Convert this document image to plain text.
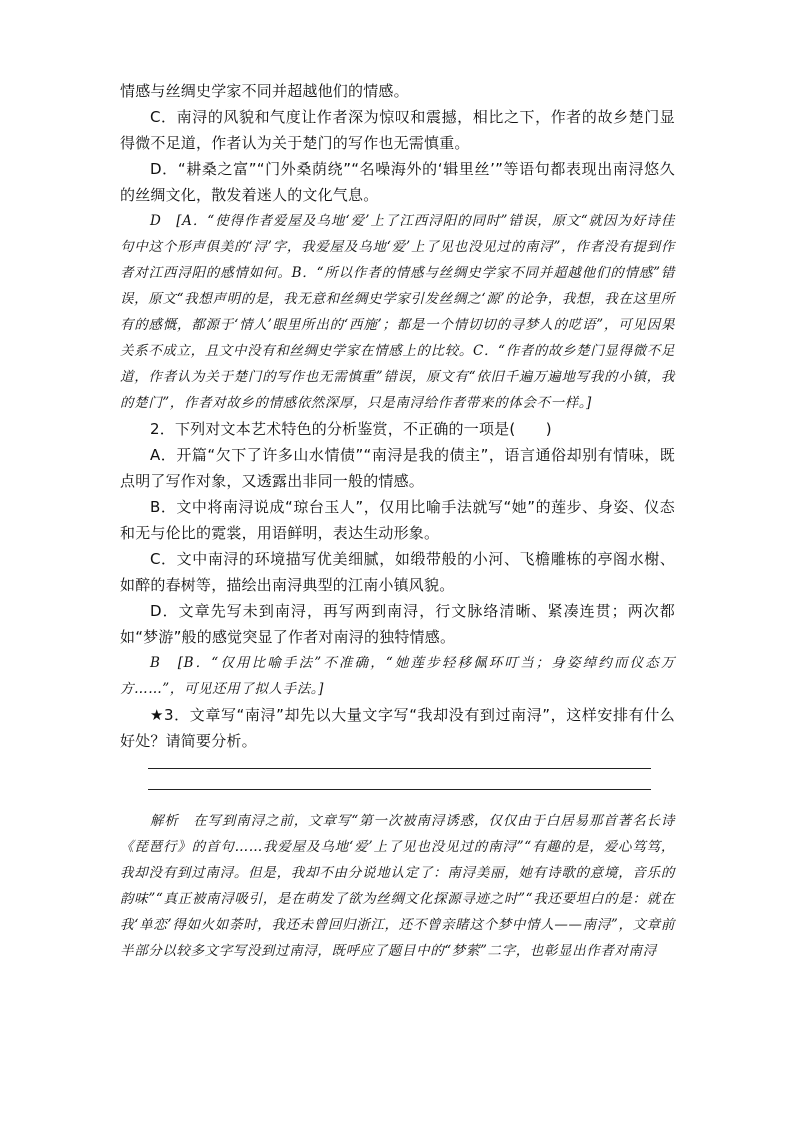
情感与丝绸史学家不同并超越他们的情感。

C．南浔的风貌和气度让作者深为惊叹和震撼，相比之下，作者的故乡楚门显得微不足道，作者认为关于楚门的写作也无需慎重。

D．“耕桑之富”“门外桑荫绕”“名噪海外的‘辑里丝’”等语句都表现出南浔悠久的丝绸文化，散发着迷人的文化气息。

D　[A．“使得作者爱屋及乌地‘爱’上了江西浔阳的同时”错误，原文“就因为好诗佳句中这个形声俱美的‘浔’字，我爱屋及乌地‘爱’上了见也没见过的南浔”，作者没有提到作者对江西浔阳的感情如何。B．“所以作者的情感与丝绸史学家不同并超越他们的情感”错误，原文“我想声明的是，我无意和丝绸史学家引发丝绸之‘源’的论争，我想，我在这里所有的感慨，都源于‘情人’眼里所出的‘西施’；都是一个情切切的寻梦人的呓语”，可见因果关系不成立，且文中没有和丝绸史学家在情感上的比较。C．“作者的故乡楚门显得微不足道，作者认为关于楚门的写作也无需慎重”错误，原文有“依旧千遍万遍地写我的小镇，我的楚门”，作者对故乡的情感依然深厚，只是南浔给作者带来的体会不一样。]

2．下列对文本艺术特色的分析鉴赏，不正确的一项是(　　)

A．开篇“欠下了许多山水情债”“南浔是我的债主”，语言通俗却别有情味，既点明了写作对象，又透露出非同一般的情感。

B．文中将南浔说成“琼台玉人”，仅用比喻手法就写“她”的莲步、身姿、仪态和无与伦比的霓裳，用语鲜明，表达生动形象。

C．文中南浔的环境描写优美细腻，如缎带般的小河、飞檐雕栋的亭阁水榭、如醉的春树等，描绘出南浔典型的江南小镇风貌。

D．文章先写未到南浔，再写两到南浔，行文脉络清晰、紧凑连贯；两次都如“梦游”般的感觉突显了作者对南浔的独特情感。

B　[B．“仅用比喻手法”不准确，“她莲步轻移佩环叮当；身姿绰约而仪态万方……”，可见还用了拟人手法。]

★3．文章写“南浔”却先以大量文字写“我却没有到过南浔”，这样安排有什么好处？请简要分析。

解析　在写到南浔之前，文章写“第一次被南浔诱惑，仅仅由于白居易那首著名长诗《琵琶行》的首句……我爱屋及乌地‘爱’上了见也没见过的南浔”“有趣的是，爱心笃笃，我却没有到过南浔。但是，我却不由分说地认定了：南浔美丽，她有诗歌的意境，音乐的韵味”“真正被南浔吸引，是在萌发了欲为丝绸文化探源寻迹之时”“我还要坦白的是：就在我‘单恋’得如火如荼时，我还未曾回归浙江，还不曾亲睹这个梦中情人——南浔”，文章前半部分以较多文字写没到过南浔，既呼应了题目中的“梦萦”二字，也彰显出作者对南浔
